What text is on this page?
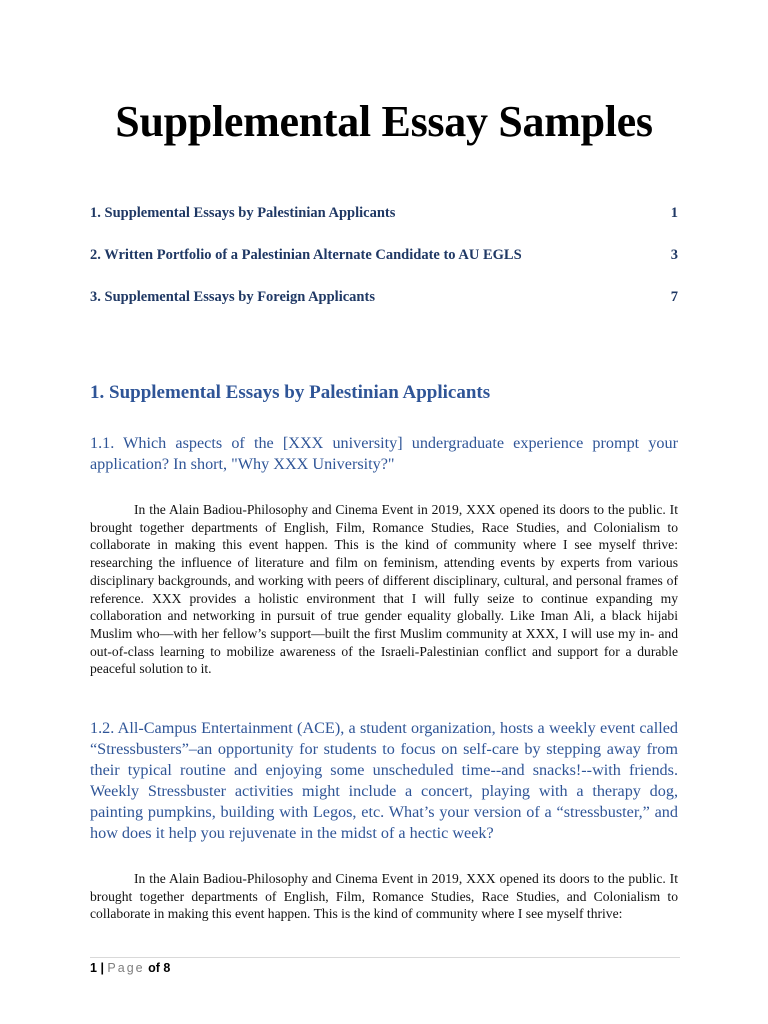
Supplemental Essay Samples
1. Supplemental Essays by Palestinian Applicants	1
2. Written Portfolio of a Palestinian Alternate Candidate to AU EGLS	3
3. Supplemental Essays by Foreign Applicants	7
1. Supplemental Essays by Palestinian Applicants
1.1. Which aspects of the [XXX university] undergraduate experience prompt your application? In short, "Why XXX University?"
In the Alain Badiou-Philosophy and Cinema Event in 2019, XXX opened its doors to the public. It brought together departments of English, Film, Romance Studies, Race Studies, and Colonialism to collaborate in making this event happen. This is the kind of community where I see myself thrive: researching the influence of literature and film on feminism, attending events by experts from various disciplinary backgrounds, and working with peers of different disciplinary, cultural, and personal frames of reference. XXX provides a holistic environment that I will fully seize to continue expanding my collaboration and networking in pursuit of true gender equality globally. Like Iman Ali, a black hijabi Muslim who—with her fellow’s support—built the first Muslim community at XXX, I will use my in- and out-of-class learning to mobilize awareness of the Israeli-Palestinian conflict and support for a durable peaceful solution to it.
1.2. All-Campus Entertainment (ACE), a student organization, hosts a weekly event called “Stressbusters”–an opportunity for students to focus on self-care by stepping away from their typical routine and enjoying some unscheduled time--and snacks!--with friends. Weekly Stressbuster activities might include a concert, playing with a therapy dog, painting pumpkins, building with Legos, etc. What’s your version of a “stressbuster,” and how does it help you rejuvenate in the midst of a hectic week?
In the Alain Badiou-Philosophy and Cinema Event in 2019, XXX opened its doors to the public. It brought together departments of English, Film, Romance Studies, Race Studies, and Colonialism to collaborate in making this event happen. This is the kind of community where I see myself thrive:
1 | Page of 8
